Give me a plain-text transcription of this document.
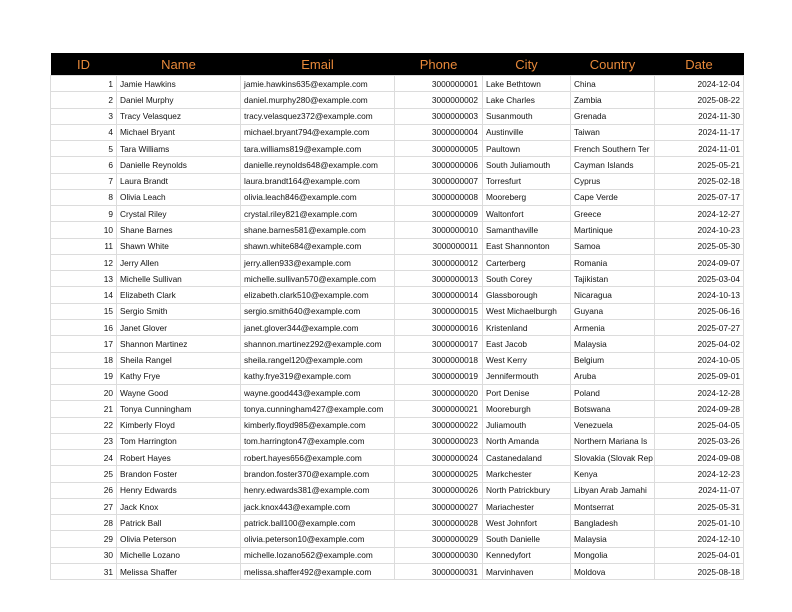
ID	Name	Email	Phone	City	Country	Date
1	Jamie Hawkins	jamie.hawkins635@example.com	3000000001	Lake Bethtown	China	2024-12-04
2	Daniel Murphy	daniel.murphy280@example.com	3000000002	Lake Charles	Zambia	2025-08-22
3	Tracy Velasquez	tracy.velasquez372@example.com	3000000003	Susanmouth	Grenada	2024-11-30
4	Michael Bryant	michael.bryant794@example.com	3000000004	Austinville	Taiwan	2024-11-17
5	Tara Williams	tara.williams819@example.com	3000000005	Paultown	French Southern Ter	2024-11-01
6	Danielle Reynolds	danielle.reynolds648@example.com	3000000006	South Juliamouth	Cayman Islands	2025-05-21
7	Laura Brandt	laura.brandt164@example.com	3000000007	Torresfurt	Cyprus	2025-02-18
8	Olivia Leach	olivia.leach846@example.com	3000000008	Mooreberg	Cape Verde	2025-07-17
9	Crystal Riley	crystal.riley821@example.com	3000000009	Waltonfort	Greece	2024-12-27
10	Shane Barnes	shane.barnes581@example.com	3000000010	Samanthaville	Martinique	2024-10-23
11	Shawn White	shawn.white684@example.com	3000000011	East Shannonton	Samoa	2025-05-30
12	Jerry Allen	jerry.allen933@example.com	3000000012	Carterberg	Romania	2024-09-07
13	Michelle Sullivan	michelle.sullivan570@example.com	3000000013	South Corey	Tajikistan	2025-03-04
14	Elizabeth Clark	elizabeth.clark510@example.com	3000000014	Glassborough	Nicaragua	2024-10-13
15	Sergio Smith	sergio.smith640@example.com	3000000015	West Michaelburgh	Guyana	2025-06-16
16	Janet Glover	janet.glover344@example.com	3000000016	Kristenland	Armenia	2025-07-27
17	Shannon Martinez	shannon.martinez292@example.com	3000000017	East Jacob	Malaysia	2025-04-02
18	Sheila Rangel	sheila.rangel120@example.com	3000000018	West Kerry	Belgium	2024-10-05
19	Kathy Frye	kathy.frye319@example.com	3000000019	Jennifermouth	Aruba	2025-09-01
20	Wayne Good	wayne.good443@example.com	3000000020	Port Denise	Poland	2024-12-28
21	Tonya Cunningham	tonya.cunningham427@example.com	3000000021	Mooreburgh	Botswana	2024-09-28
22	Kimberly Floyd	kimberly.floyd985@example.com	3000000022	Juliamouth	Venezuela	2025-04-05
23	Tom Harrington	tom.harrington47@example.com	3000000023	North Amanda	Northern Mariana Is	2025-03-26
24	Robert Hayes	robert.hayes656@example.com	3000000024	Castanedaland	Slovakia (Slovak Rep	2024-09-08
25	Brandon Foster	brandon.foster370@example.com	3000000025	Markchester	Kenya	2024-12-23
26	Henry Edwards	henry.edwards381@example.com	3000000026	North Patrickbury	Libyan Arab Jamahi	2024-11-07
27	Jack Knox	jack.knox443@example.com	3000000027	Mariachester	Montserrat	2025-05-31
28	Patrick Ball	patrick.ball100@example.com	3000000028	West Johnfort	Bangladesh	2025-01-10
29	Olivia Peterson	olivia.peterson10@example.com	3000000029	South Danielle	Malaysia	2024-12-10
30	Michelle Lozano	michelle.lozano562@example.com	3000000030	Kennedyfort	Mongolia	2025-04-01
31	Melissa Shaffer	melissa.shaffer492@example.com	3000000031	Marvinhaven	Moldova	2025-08-18
